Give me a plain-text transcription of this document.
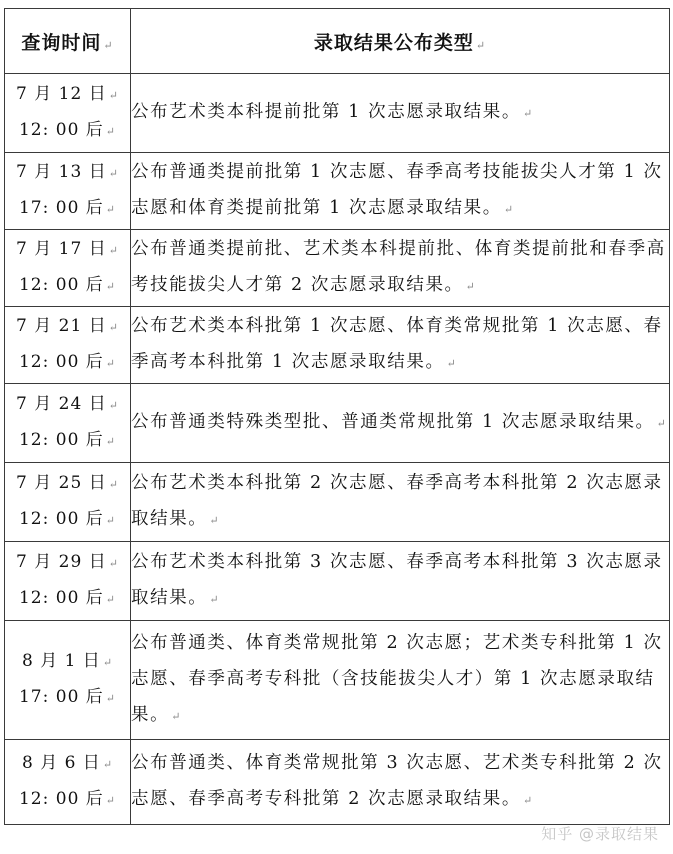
查询时间 ↵	录取结果公布类型 ↵

7 月 12 日 ↵
12: 00 后 ↵	公布艺术类本科提前批第 1 次志愿录取结果。 ↵

7 月 13 日 ↵
17: 00 后 ↵	公布普通类提前批第 1 次志愿、春季高考技能拔尖人才第 1 次志愿和体育类提前批第 1 次志愿录取结果。 ↵

7 月 17 日 ↵
12: 00 后 ↵	公布普通类提前批、艺术类本科提前批、体育类提前批和春季高考技能拔尖人才第 2 次志愿录取结果。 ↵

7 月 21 日 ↵
12: 00 后 ↵	公布艺术类本科批第 1 次志愿、体育类常规批第 1 次志愿、春季高考本科批第 1 次志愿录取结果。 ↵

7 月 24 日 ↵
12: 00 后 ↵	公布普通类特殊类型批、普通类常规批第 1 次志愿录取结果。 ↵

7 月 25 日 ↵
12: 00 后 ↵	公布艺术类本科批第 2 次志愿、春季高考本科批第 2 次志愿录取结果。 ↵

7 月 29 日 ↵
12: 00 后 ↵	公布艺术类本科批第 3 次志愿、春季高考本科批第 3 次志愿录取结果。 ↵

8 月 1 日 ↵
17: 00 后 ↵	公布普通类、体育类常规批第 2 次志愿；艺术类专科批第 1 次志愿、春季高考专科批（含技能拔尖人才）第 1 次志愿录取结果。 ↵

8 月 6 日 ↵
12: 00 后 ↵	公布普通类、体育类常规批第 3 次志愿、艺术类专科批第 2 次志愿、春季高考专科批第 2 次志愿录取结果。 ↵
知乎 @录取结果
